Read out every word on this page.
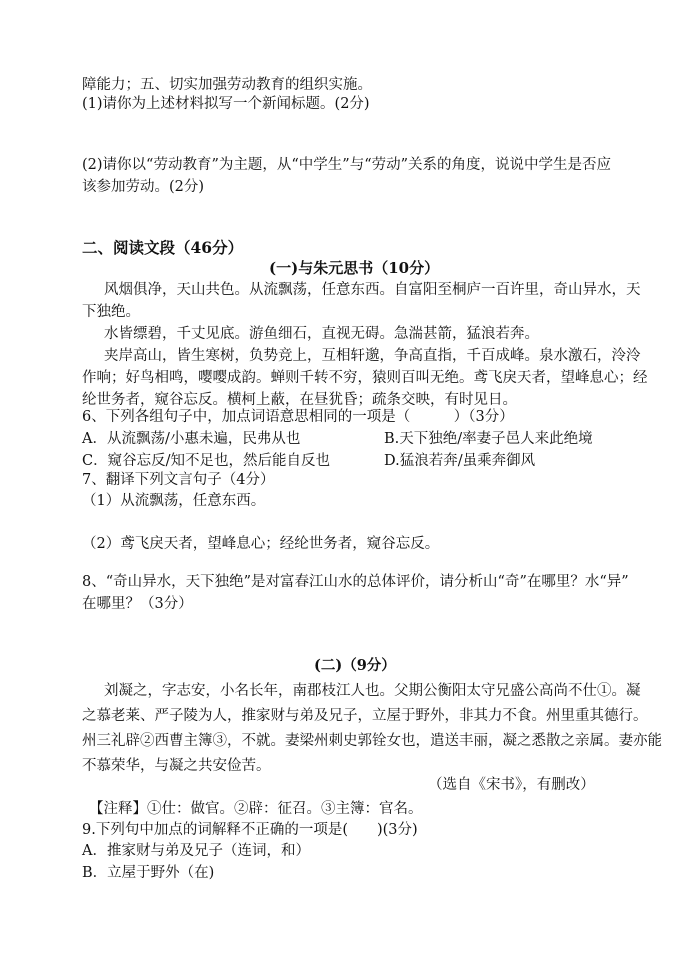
障能力；五、切实加强劳动教育的组织实施。
(1)请你为上述材料拟写一个新闻标题。(2分)
(2)请你以“劳动教育”为主题，从“中学生”与“劳动”关系的角度，说说中学生是否应
该参加劳动。(2分)
二、阅读文段（46分）
(一)与朱元思书（10分）
风烟俱净，天山共色。从流飘荡，任意东西。自富阳至桐庐一百许里，奇山异水，天
下独绝。
水皆缥碧，千丈见底。游鱼细石，直视无碍。急湍甚箭，猛浪若奔。
夹岸高山，皆生寒树，负势竞上，互相轩邈，争高直指，千百成峰。泉水激石，泠泠
作响；好鸟相鸣，嘤嘤成韵。蝉则千转不穷，猿则百叫无绝。鸢飞戾天者，望峰息心；经
纶世务者，窥谷忘反。横柯上蔽，在昼犹昏；疏条交映，有时见日。
6、下列各组句子中，加点词语意思相同的一项是（　　　）（3分）
A．从流飘荡/小惠未遍，民弗从也	B.天下独绝/率妻子邑人来此绝境
C．窥谷忘反/知不足也，然后能自反也	D.猛浪若奔/虽乘奔御风
7、翻译下列文言句子（4分）
（1）从流飘荡，任意东西。
（2）鸢飞戾天者，望峰息心；经纶世务者，窥谷忘反。
8、“奇山异水，天下独绝”是对富春江山水的总体评价，请分析山“奇”在哪里？水“异”
在哪里？（3分）
(二)（9分）
刘凝之，字志安，小名长年，南郡枝江人也。父期公衡阳太守兄盛公高尚不仕①。凝
之慕老莱、严子陵为人，推家财与弟及兄子，立屋于野外，非其力不食。州里重其德行。
州三礼辟②西曹主簿③，不就。妻梁州刺史郭铨女也，遣送丰丽，凝之悉散之亲属。妻亦能
不慕荣华，与凝之共安俭苦。
（选自《宋书》，有删改）
【注释】①仕：做官。②辟：征召。③主簿：官名。
9.下列句中加点的词解释不正确的一项是(　　)(3分)
A．推家财与弟及兄子（连词，和）
B．立屋于野外（在)
